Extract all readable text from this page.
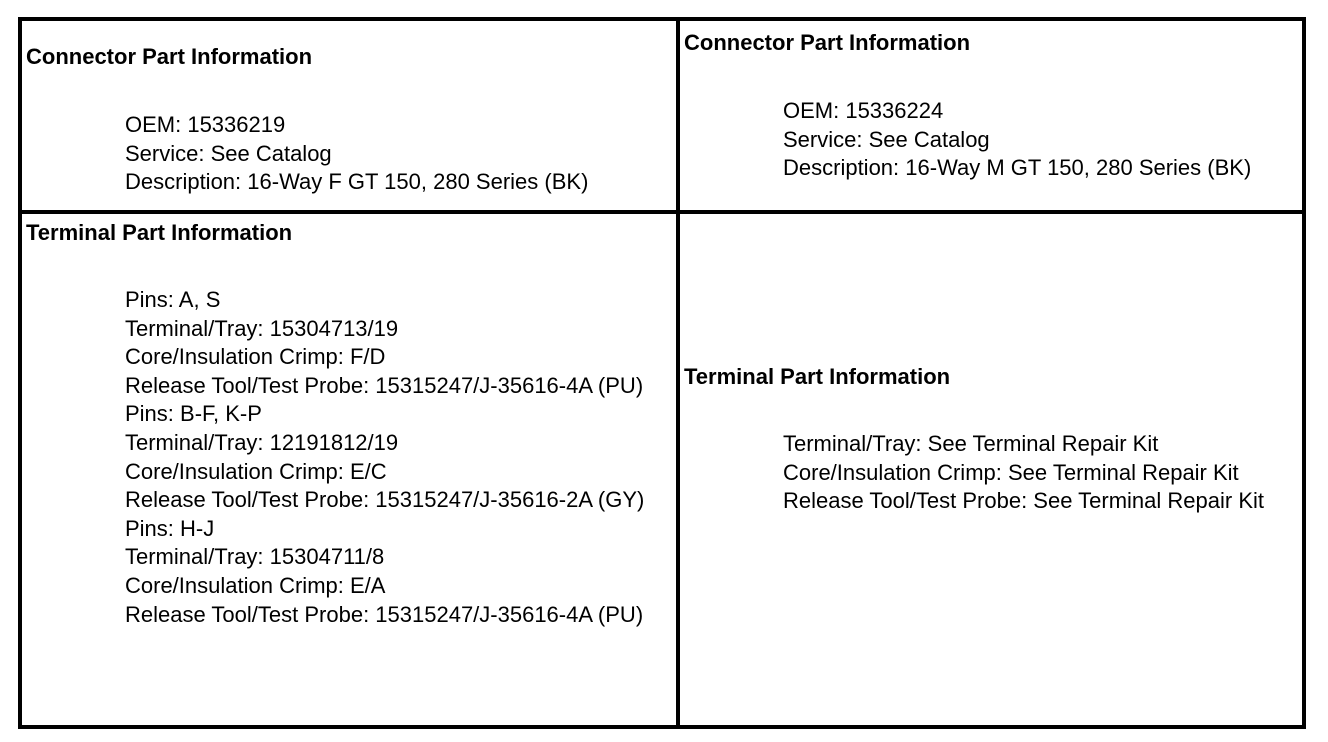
Connector Part Information
OEM: 15336219
Service: See Catalog
Description: 16-Way F GT 150, 280 Series (BK)
Connector Part Information
OEM: 15336224
Service: See Catalog
Description: 16-Way M GT 150, 280 Series (BK)
Terminal Part Information
Pins: A, S
Terminal/Tray: 15304713/19
Core/Insulation Crimp: F/D
Release Tool/Test Probe: 15315247/J-35616-4A (PU)
Pins: B-F, K-P
Terminal/Tray: 12191812/19
Core/Insulation Crimp: E/C
Release Tool/Test Probe: 15315247/J-35616-2A (GY)
Pins: H-J
Terminal/Tray: 15304711/8
Core/Insulation Crimp: E/A
Release Tool/Test Probe: 15315247/J-35616-4A (PU)
Terminal Part Information
Terminal/Tray: See Terminal Repair Kit
Core/Insulation Crimp: See Terminal Repair Kit
Release Tool/Test Probe: See Terminal Repair Kit
